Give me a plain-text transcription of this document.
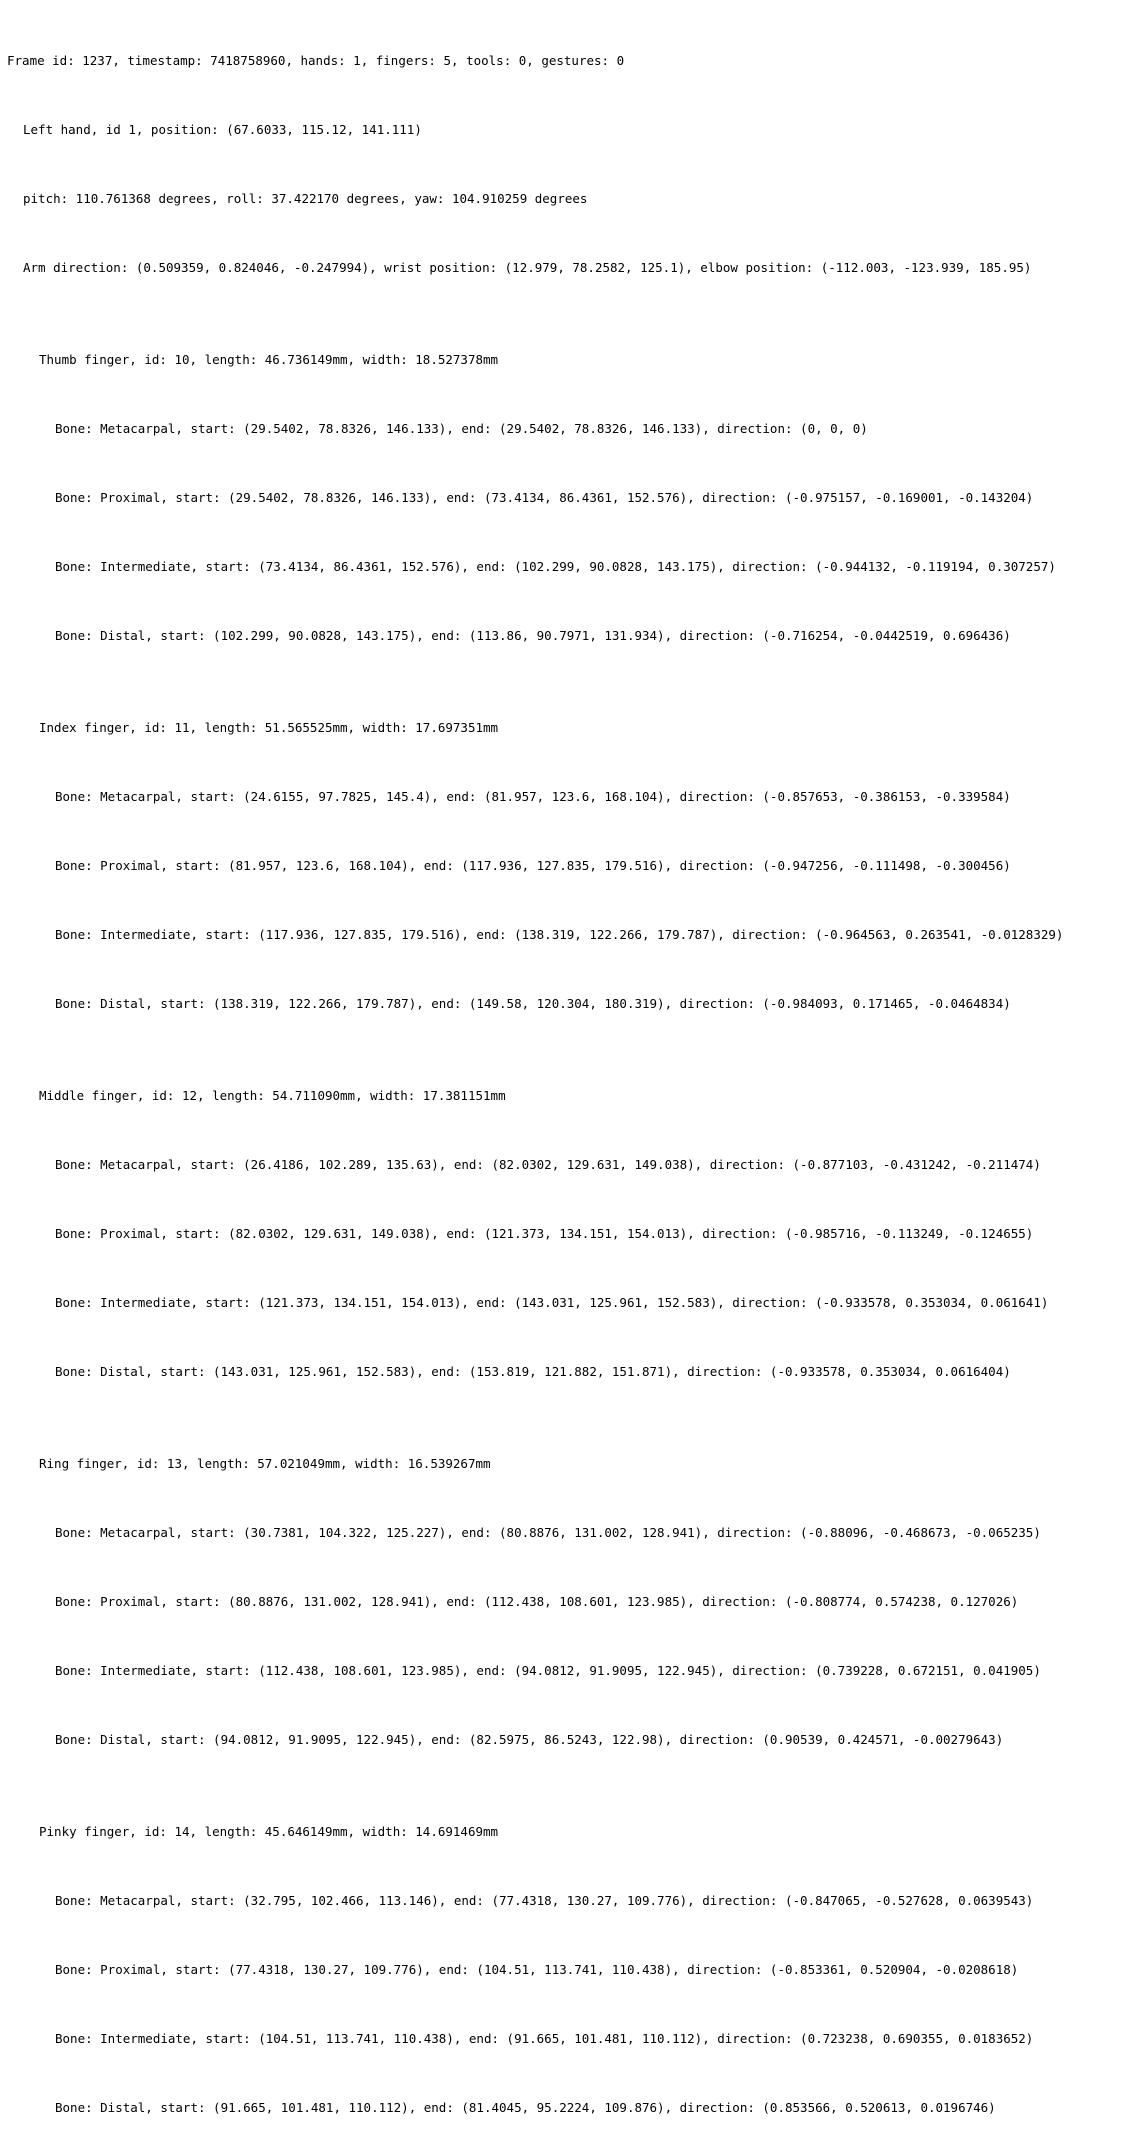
Frame id: 1237, timestamp: 7418758960, hands: 1, fingers: 5, tools: 0, gestures: 0

Left hand, id 1, position: (67.6033, 115.12, 141.111)

pitch: 110.761368 degrees, roll: 37.422170 degrees, yaw: 104.910259 degrees

Arm direction: (0.509359, 0.824046, -0.247994), wrist position: (12.979, 78.2582, 125.1), elbow position: (-112.003, -123.939, 185.95)

Thumb finger, id: 10, length: 46.736149mm, width: 18.527378mm

Bone: Metacarpal, start: (29.5402, 78.8326, 146.133), end: (29.5402, 78.8326, 146.133), direction: (0, 0, 0)

Bone: Proximal, start: (29.5402, 78.8326, 146.133), end: (73.4134, 86.4361, 152.576), direction: (-0.975157, -0.169001, -0.143204)

Bone: Intermediate, start: (73.4134, 86.4361, 152.576), end: (102.299, 90.0828, 143.175), direction: (-0.944132, -0.119194, 0.307257)

Bone: Distal, start: (102.299, 90.0828, 143.175), end: (113.86, 90.7971, 131.934), direction: (-0.716254, -0.0442519, 0.696436)

Index finger, id: 11, length: 51.565525mm, width: 17.697351mm

Bone: Metacarpal, start: (24.6155, 97.7825, 145.4), end: (81.957, 123.6, 168.104), direction: (-0.857653, -0.386153, -0.339584)

Bone: Proximal, start: (81.957, 123.6, 168.104), end: (117.936, 127.835, 179.516), direction: (-0.947256, -0.111498, -0.300456)

Bone: Intermediate, start: (117.936, 127.835, 179.516), end: (138.319, 122.266, 179.787), direction: (-0.964563, 0.263541, -0.0128329)

Bone: Distal, start: (138.319, 122.266, 179.787), end: (149.58, 120.304, 180.319), direction: (-0.984093, 0.171465, -0.0464834)

Middle finger, id: 12, length: 54.711090mm, width: 17.381151mm

Bone: Metacarpal, start: (26.4186, 102.289, 135.63), end: (82.0302, 129.631, 149.038), direction: (-0.877103, -0.431242, -0.211474)

Bone: Proximal, start: (82.0302, 129.631, 149.038), end: (121.373, 134.151, 154.013), direction: (-0.985716, -0.113249, -0.124655)

Bone: Intermediate, start: (121.373, 134.151, 154.013), end: (143.031, 125.961, 152.583), direction: (-0.933578, 0.353034, 0.061641)

Bone: Distal, start: (143.031, 125.961, 152.583), end: (153.819, 121.882, 151.871), direction: (-0.933578, 0.353034, 0.0616404)

Ring finger, id: 13, length: 57.021049mm, width: 16.539267mm

Bone: Metacarpal, start: (30.7381, 104.322, 125.227), end: (80.8876, 131.002, 128.941), direction: (-0.88096, -0.468673, -0.065235)

Bone: Proximal, start: (80.8876, 131.002, 128.941), end: (112.438, 108.601, 123.985), direction: (-0.808774, 0.574238, 0.127026)

Bone: Intermediate, start: (112.438, 108.601, 123.985), end: (94.0812, 91.9095, 122.945), direction: (0.739228, 0.672151, 0.041905)

Bone: Distal, start: (94.0812, 91.9095, 122.945), end: (82.5975, 86.5243, 122.98), direction: (0.90539, 0.424571, -0.00279643)

Pinky finger, id: 14, length: 45.646149mm, width: 14.691469mm

Bone: Metacarpal, start: (32.795, 102.466, 113.146), end: (77.4318, 130.27, 109.776), direction: (-0.847065, -0.527628, 0.0639543)

Bone: Proximal, start: (77.4318, 130.27, 109.776), end: (104.51, 113.741, 110.438), direction: (-0.853361, 0.520904, -0.0208618)

Bone: Intermediate, start: (104.51, 113.741, 110.438), end: (91.665, 101.481, 110.112), direction: (0.723238, 0.690355, 0.0183652)

Bone: Distal, start: (91.665, 101.481, 110.112), end: (81.4045, 95.2224, 109.876), direction: (0.853566, 0.520613, 0.0196746)
